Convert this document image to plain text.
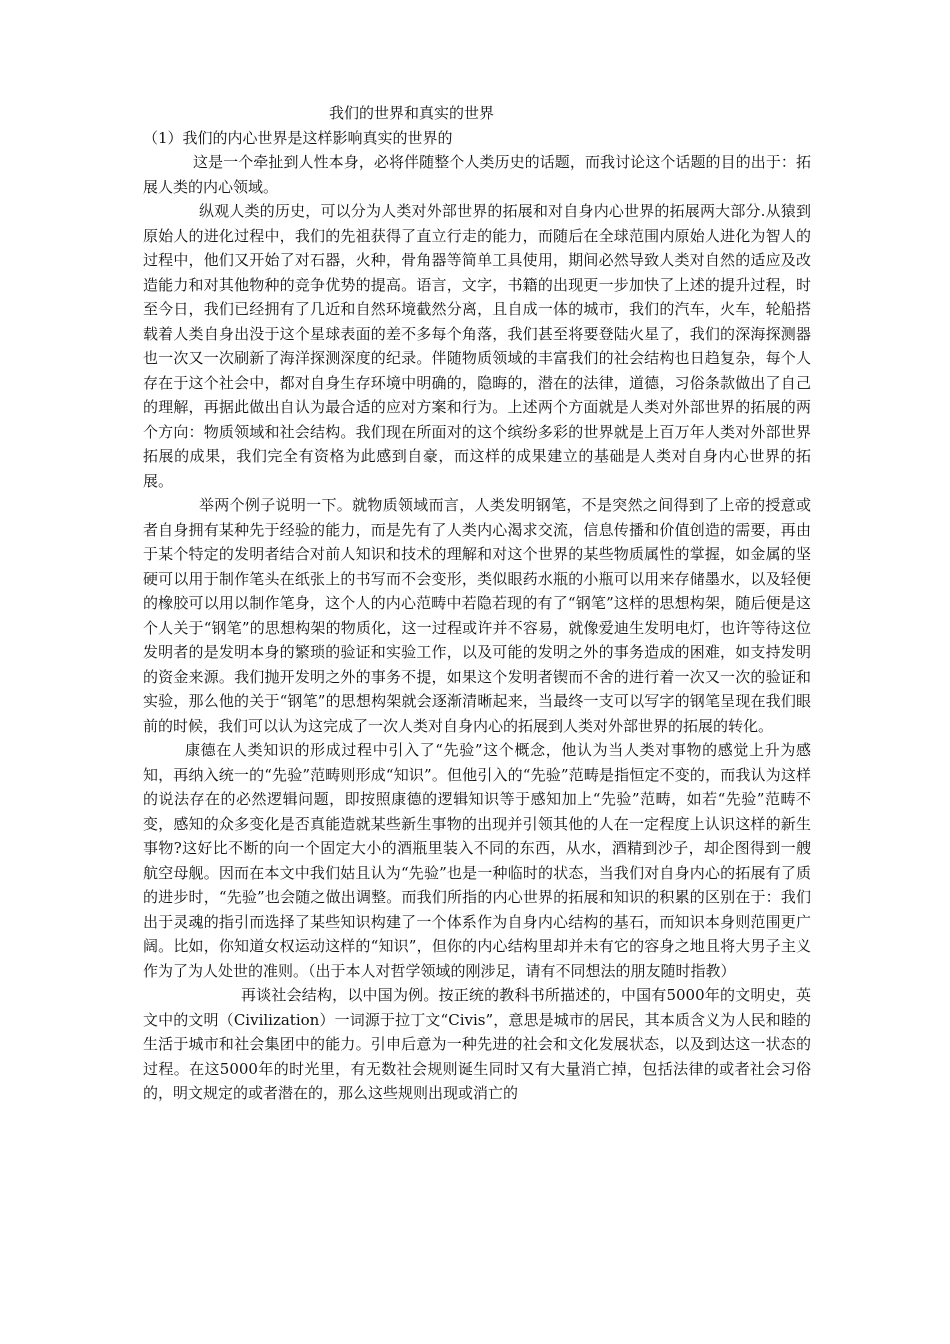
我们的世界和真实的世界

（1）我们的内心世界是这样影响真实的世界的

这是一个牵扯到人性本身，必将伴随整个人类历史的话题，而我讨论这个话题的目的出于：拓展人类的内心领域。

纵观人类的历史，可以分为人类对外部世界的拓展和对自身内心世界的拓展两大部分.从猿到原始人的进化过程中，我们的先祖获得了直立行走的能力，而随后在全球范围内原始人进化为智人的过程中，他们又开始了对石器，火种，骨角器等简单工具使用，期间必然导致人类对自然的适应及改造能力和对其他物种的竞争优势的提高。语言，文字，书籍的出现更一步加快了上述的提升过程，时至今日，我们已经拥有了几近和自然环境截然分离，且自成一体的城市，我们的汽车，火车，轮船搭载着人类自身出没于这个星球表面的差不多每个角落，我们甚至将要登陆火星了，我们的深海探测器也一次又一次刷新了海洋探测深度的纪录。伴随物质领域的丰富我们的社会结构也日趋复杂，每个人存在于这个社会中，都对自身生存环境中明确的，隐晦的，潜在的法律，道德，习俗条款做出了自己的理解，再据此做出自认为最合适的应对方案和行为。上述两个方面就是人类对外部世界的拓展的两个方向：物质领域和社会结构。我们现在所面对的这个缤纷多彩的世界就是上百万年人类对外部世界拓展的成果，我们完全有资格为此感到自豪，而这样的成果建立的基础是人类对自身内心世界的拓展。

举两个例子说明一下。就物质领域而言，人类发明钢笔，不是突然之间得到了上帝的授意或者自身拥有某种先于经验的能力，而是先有了人类内心渴求交流，信息传播和价值创造的需要，再由于某个特定的发明者结合对前人知识和技术的理解和对这个世界的某些物质属性的掌握，如金属的坚硬可以用于制作笔头在纸张上的书写而不会变形，类似眼药水瓶的小瓶可以用来存储墨水，以及轻便的橡胶可以用以制作笔身，这个人的内心范畴中若隐若现的有了“钢笔”这样的思想构架，随后便是这个人关于“钢笔”的思想构架的物质化，这一过程或许并不容易，就像爱迪生发明电灯，也许等待这位发明者的是发明本身的繁琐的验证和实验工作，以及可能的发明之外的事务造成的困难，如支持发明的资金来源。我们抛开发明之外的事务不提，如果这个发明者锲而不舍的进行着一次又一次的验证和实验，那么他的关于“钢笔”的思想构架就会逐渐清晰起来，当最终一支可以写字的钢笔呈现在我们眼前的时候，我们可以认为这完成了一次人类对自身内心的拓展到人类对外部世界的拓展的转化。

康德在人类知识的形成过程中引入了“先验”这个概念，他认为当人类对事物的感觉上升为感知，再纳入统一的“先验”范畴则形成“知识”。但他引入的“先验”范畴是指恒定不变的，而我认为这样的说法存在的必然逻辑问题，即按照康德的逻辑知识等于感知加上“先验”范畴，如若“先验”范畴不变，感知的众多变化是否真能造就某些新生事物的出现并引领其他的人在一定程度上认识这样的新生事物?这好比不断的向一个固定大小的酒瓶里装入不同的东西，从水，酒精到沙子，却企图得到一艘航空母舰。因而在本文中我们姑且认为“先验”也是一种临时的状态，当我们对自身内心的拓展有了质的进步时，“先验”也会随之做出调整。而我们所指的内心世界的拓展和知识的积累的区别在于：我们出于灵魂的指引而选择了某些知识构建了一个体系作为自身内心结构的基石，而知识本身则范围更广阔。比如，你知道女权运动这样的“知识”，但你的内心结构里却并未有它的容身之地且将大男子主义作为了为人处世的准则。（出于本人对哲学领域的刚涉足，请有不同想法的朋友随时指教）

再谈社会结构，以中国为例。按正统的教科书所描述的，中国有5000年的文明史，英文中的文明（Civilization）一词源于拉丁文“Civis”，意思是城市的居民，其本质含义为人民和睦的生活于城市和社会集团中的能力。引申后意为一种先进的社会和文化发展状态，以及到达这一状态的过程。在这5000年的时光里，有无数社会规则诞生同时又有大量消亡掉，包括法律的或者社会习俗的，明文规定的或者潜在的，那么这些规则出现或消亡的
